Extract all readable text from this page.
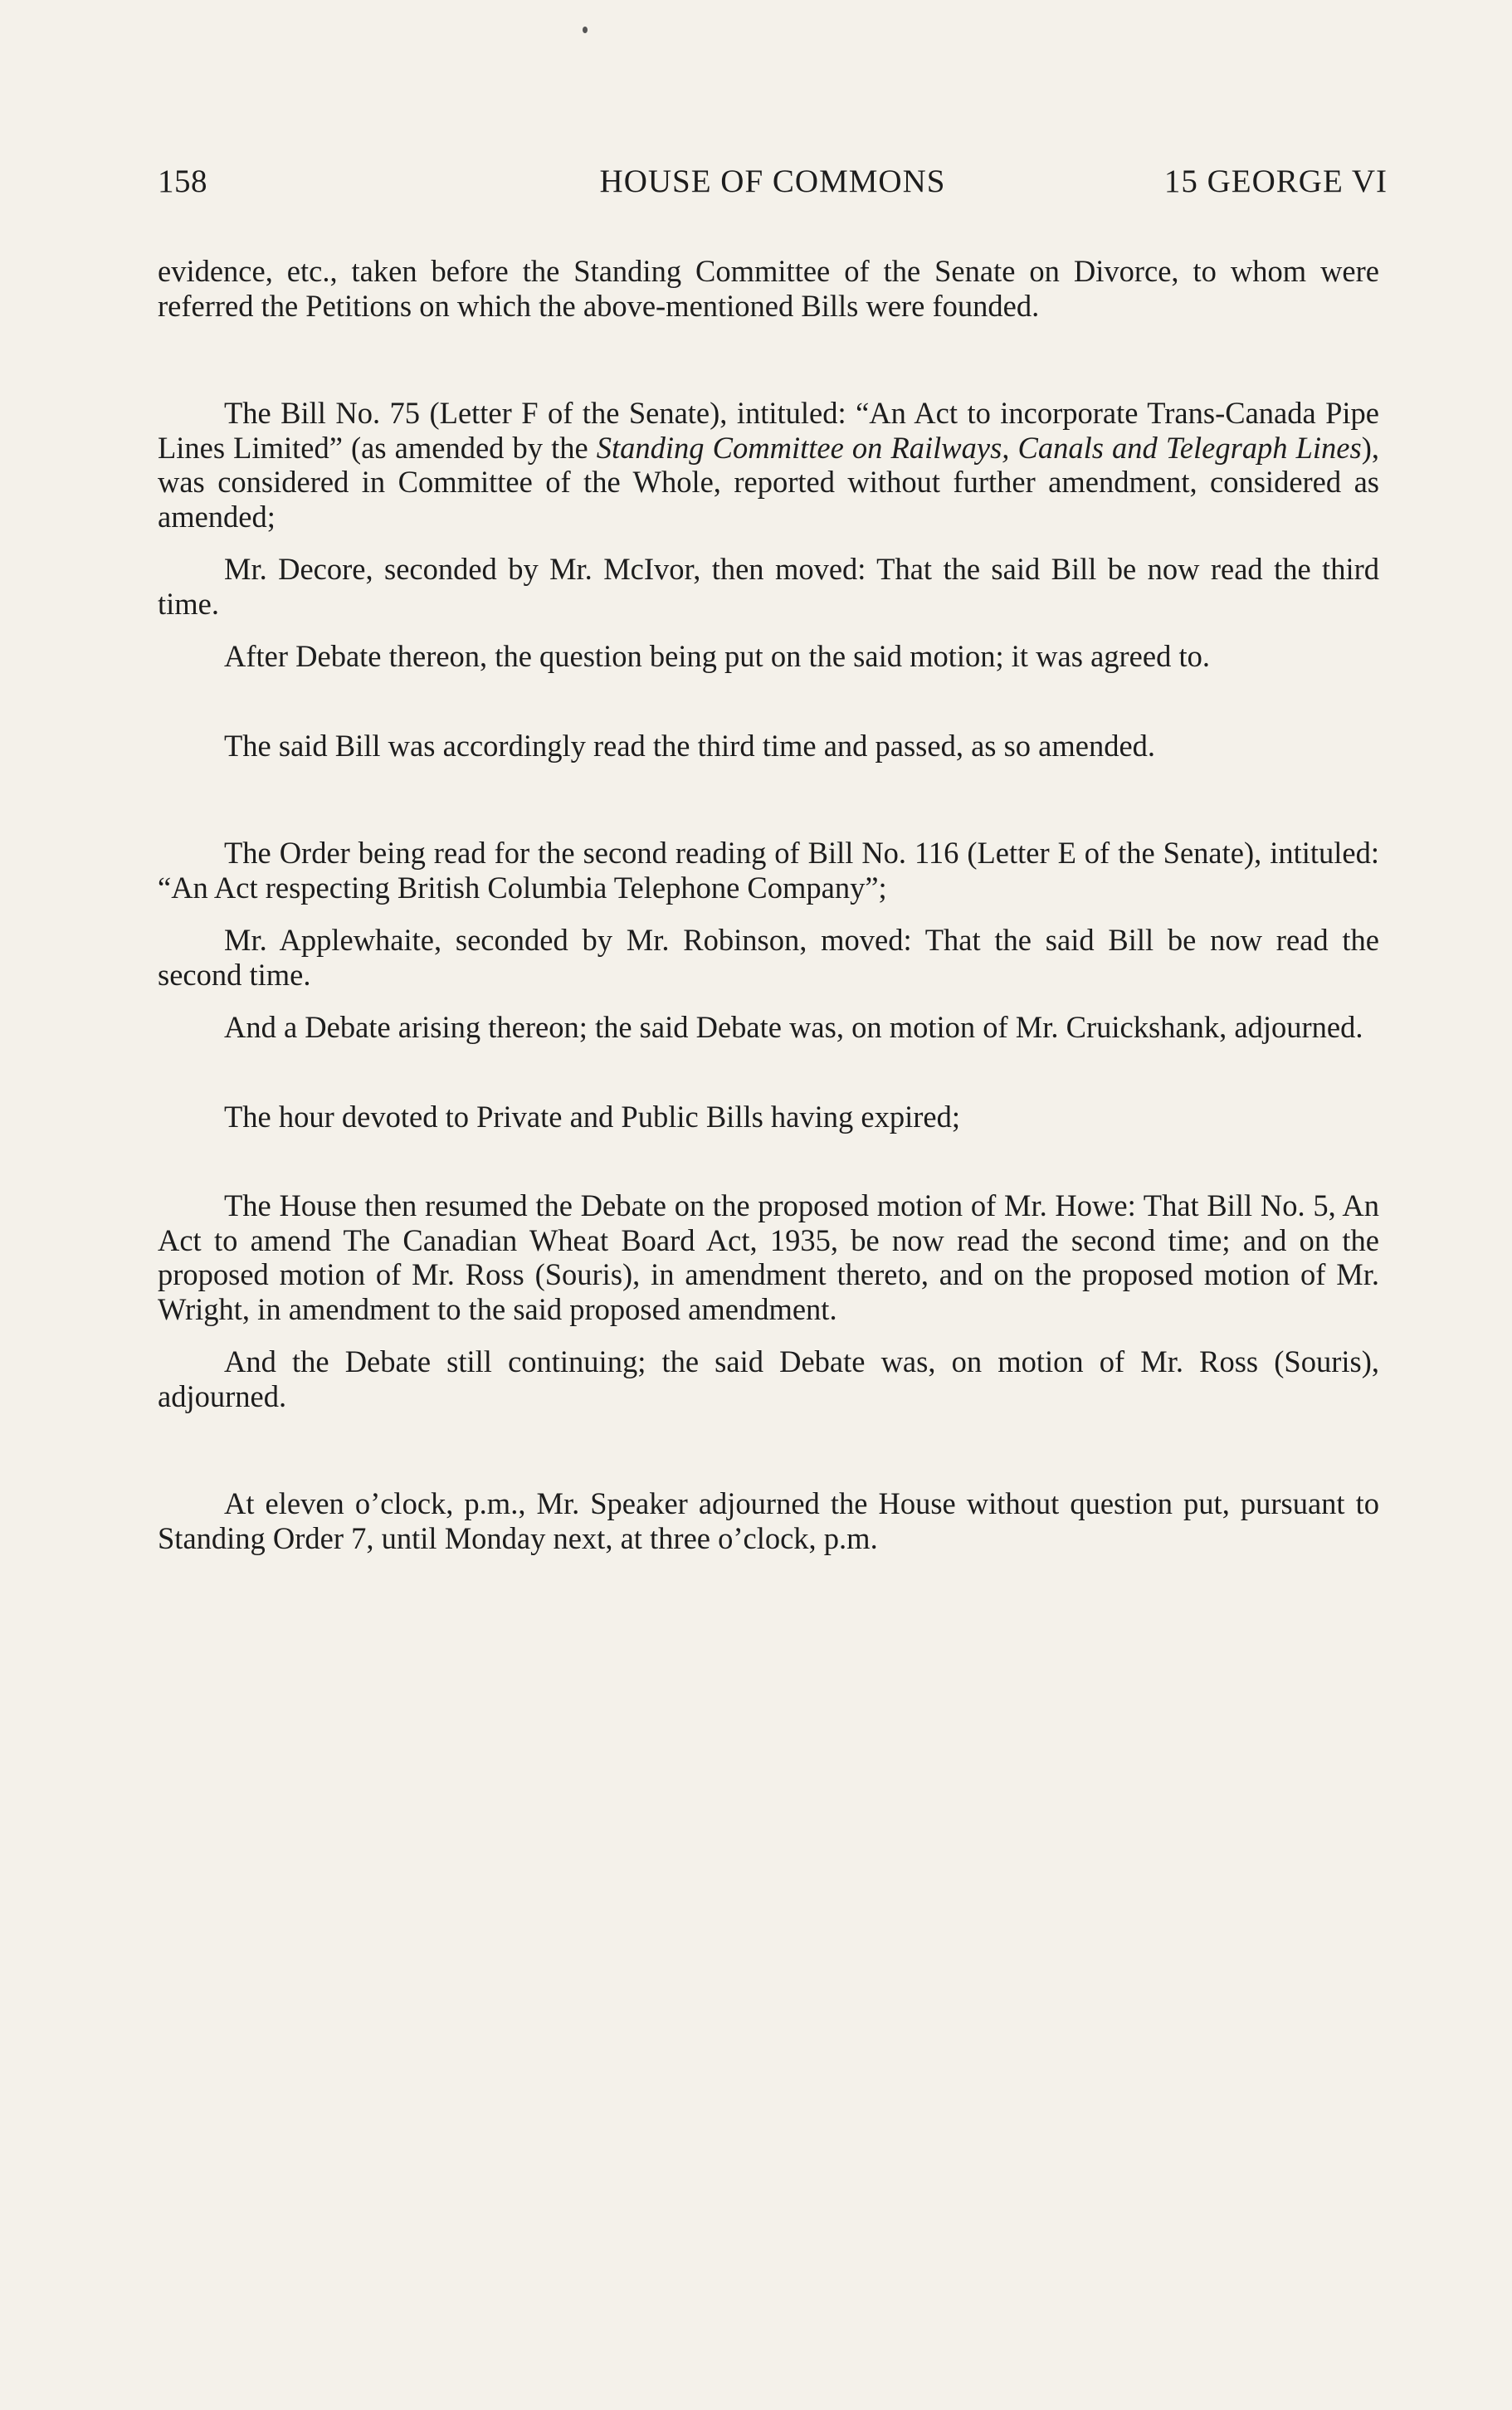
158	HOUSE OF COMMONS	15 GEORGE VI

evidence, etc., taken before the Standing Committee of the Senate on Divorce, to whom were referred the Petitions on which the above-mentioned Bills were founded.

The Bill No. 75 (Letter F of the Senate), intituled: “An Act to incorporate Trans-Canada Pipe Lines Limited” (as amended by the Standing Committee on Railways, Canals and Telegraph Lines), was considered in Committee of the Whole, reported without further amendment, considered as amended;

Mr. Decore, seconded by Mr. McIvor, then moved: That the said Bill be now read the third time.

After Debate thereon, the question being put on the said motion; it was agreed to.

The said Bill was accordingly read the third time and passed, as so amended.

The Order being read for the second reading of Bill No. 116 (Letter E of the Senate), intituled: “An Act respecting British Columbia Telephone Company”;

Mr. Applewhaite, seconded by Mr. Robinson, moved: That the said Bill be now read the second time.

And a Debate arising thereon; the said Debate was, on motion of Mr. Cruickshank, adjourned.

The hour devoted to Private and Public Bills having expired;

The House then resumed the Debate on the proposed motion of Mr. Howe: That Bill No. 5, An Act to amend The Canadian Wheat Board Act, 1935, be now read the second time; and on the proposed motion of Mr. Ross (Souris), in amendment thereto, and on the proposed motion of Mr. Wright, in amendment to the said proposed amendment.

And the Debate still continuing; the said Debate was, on motion of Mr. Ross (Souris), adjourned.

At eleven o’clock, p.m., Mr. Speaker adjourned the House without question put, pursuant to Standing Order 7, until Monday next, at three o’clock, p.m.
